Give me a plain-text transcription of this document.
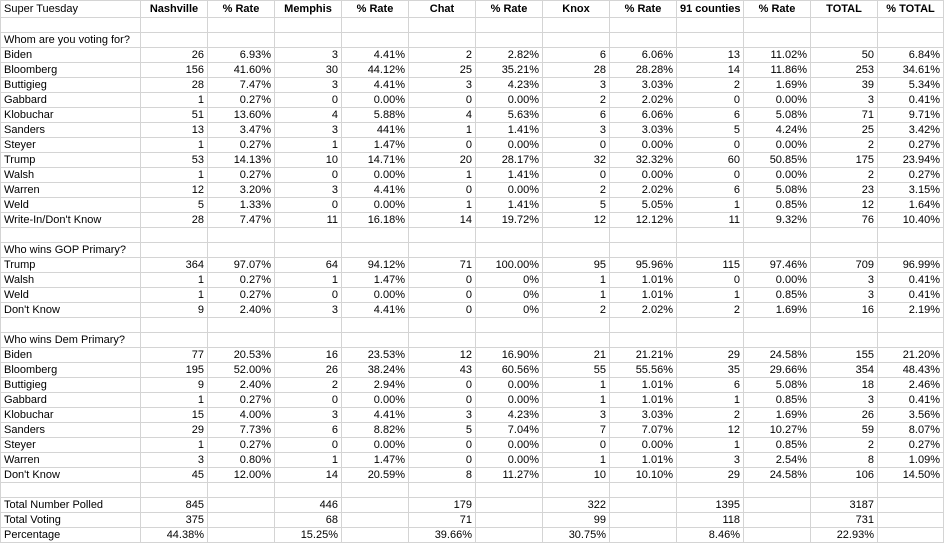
Super Tuesday	Nashville	% Rate	Memphis	% Rate	Chat	% Rate	Knox	% Rate	91 counties	% Rate	TOTAL	% TOTAL

Whom are you voting for?												
Biden	26	6.93%	3	4.41%	2	2.82%	6	6.06%	13	11.02%	50	6.84%
Bloomberg	156	41.60%	30	44.12%	25	35.21%	28	28.28%	14	11.86%	253	34.61%
Buttigieg	28	7.47%	3	4.41%	3	4.23%	3	3.03%	2	1.69%	39	5.34%
Gabbard	1	0.27%	0	0.00%	0	0.00%	2	2.02%	0	0.00%	3	0.41%
Klobuchar	51	13.60%	4	5.88%	4	5.63%	6	6.06%	6	5.08%	71	9.71%
Sanders	13	3.47%	3	441%	1	1.41%	3	3.03%	5	4.24%	25	3.42%
Steyer	1	0.27%	1	1.47%	0	0.00%	0	0.00%	0	0.00%	2	0.27%
Trump	53	14.13%	10	14.71%	20	28.17%	32	32.32%	60	50.85%	175	23.94%
Walsh	1	0.27%	0	0.00%	1	1.41%	0	0.00%	0	0.00%	2	0.27%
Warren	12	3.20%	3	4.41%	0	0.00%	2	2.02%	6	5.08%	23	3.15%
Weld	5	1.33%	0	0.00%	1	1.41%	5	5.05%	1	0.85%	12	1.64%
Write-In/Don't Know	28	7.47%	11	16.18%	14	19.72%	12	12.12%	11	9.32%	76	10.40%

Who wins GOP Primary?												
Trump	364	97.07%	64	94.12%	71	100.00%	95	95.96%	115	97.46%	709	96.99%
Walsh	1	0.27%	1	1.47%	0	0%	1	1.01%	0	0.00%	3	0.41%
Weld	1	0.27%	0	0.00%	0	0%	1	1.01%	1	0.85%	3	0.41%
Don't Know	9	2.40%	3	4.41%	0	0%	2	2.02%	2	1.69%	16	2.19%

Who wins Dem Primary?												
Biden	77	20.53%	16	23.53%	12	16.90%	21	21.21%	29	24.58%	155	21.20%
Bloomberg	195	52.00%	26	38.24%	43	60.56%	55	55.56%	35	29.66%	354	48.43%
Buttigieg	9	2.40%	2	2.94%	0	0.00%	1	1.01%	6	5.08%	18	2.46%
Gabbard	1	0.27%	0	0.00%	0	0.00%	1	1.01%	1	0.85%	3	0.41%
Klobuchar	15	4.00%	3	4.41%	3	4.23%	3	3.03%	2	1.69%	26	3.56%
Sanders	29	7.73%	6	8.82%	5	7.04%	7	7.07%	12	10.27%	59	8.07%
Steyer	1	0.27%	0	0.00%	0	0.00%	0	0.00%	1	0.85%	2	0.27%
Warren	3	0.80%	1	1.47%	0	0.00%	1	1.01%	3	2.54%	8	1.09%
Don't Know	45	12.00%	14	20.59%	8	11.27%	10	10.10%	29	24.58%	106	14.50%

Total Number Polled	845		446		179		322		1395		3187	
Total Voting	375		68		71		99		118		731	
Percentage	44.38%		15.25%		39.66%		30.75%		8.46%		22.93%	
